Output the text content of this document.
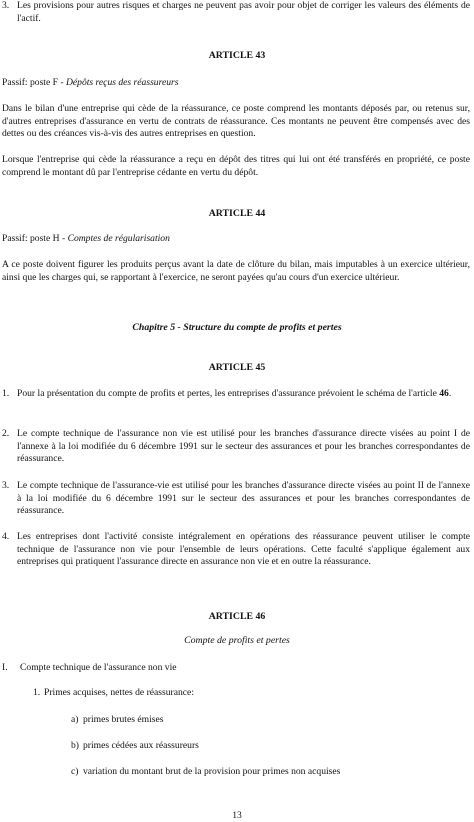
3. Les provisions pour autres risques et charges ne peuvent pas avoir pour objet de corriger les valeurs des éléments de l'actif.

ARTICLE 43

Passif: poste F - Dépôts reçus des réassureurs

Dans le bilan d'une entreprise qui cède de la réassurance, ce poste comprend les montants déposés par, ou retenus sur, d'autres entreprises d'assurance en vertu de contrats de réassurance. Ces montants ne peuvent être compensés avec des dettes ou des créances vis-à-vis des autres entreprises en question.

Lorsque l'entreprise qui cède la réassurance a reçu en dépôt des titres qui lui ont été transférés en propriété, ce poste comprend le montant dû par l'entreprise cédante en vertu du dépôt.

ARTICLE 44

Passif: poste H - Comptes de régularisation

A ce poste doivent figurer les produits perçus avant la date de clôture du bilan, mais imputables à un exercice ultérieur, ainsi que les charges qui, se rapportant à l'exercice, ne seront payées qu'au cours d'un exercice ultérieur.

Chapitre 5 - Structure du compte de profits et pertes

ARTICLE 45

1. Pour la présentation du compte de profits et pertes, les entreprises d'assurance prévoient le schéma de l'article 46.

2. Le compte technique de l'assurance non vie est utilisé pour les branches d'assurance directe visées au point I de l'annexe à la loi modifiée du 6 décembre 1991 sur le secteur des assurances et pour les branches correspondantes de réassurance.

3. Le compte technique de l'assurance-vie est utilisé pour les branches d'assurance directe visées au point II de l'annexe à la loi modifiée du 6 décembre 1991 sur le secteur des assurances et pour les branches correspondantes de réassurance.

4. Les entreprises dont l'activité consiste intégralement en opérations des réassurance peuvent utiliser le compte technique de l'assurance non vie pour l'ensemble de leurs opérations. Cette faculté s'applique également aux entreprises qui pratiquent l'assurance directe en assurance non vie et en outre la réassurance.

ARTICLE 46

Compte de profits et pertes

I. Compte technique de l'assurance non vie
1. Primes acquises, nettes de réassurance:
a) primes brutes émises
b) primes cédées aux réassureurs
c) variation du montant brut de la provision pour primes non acquises

13
